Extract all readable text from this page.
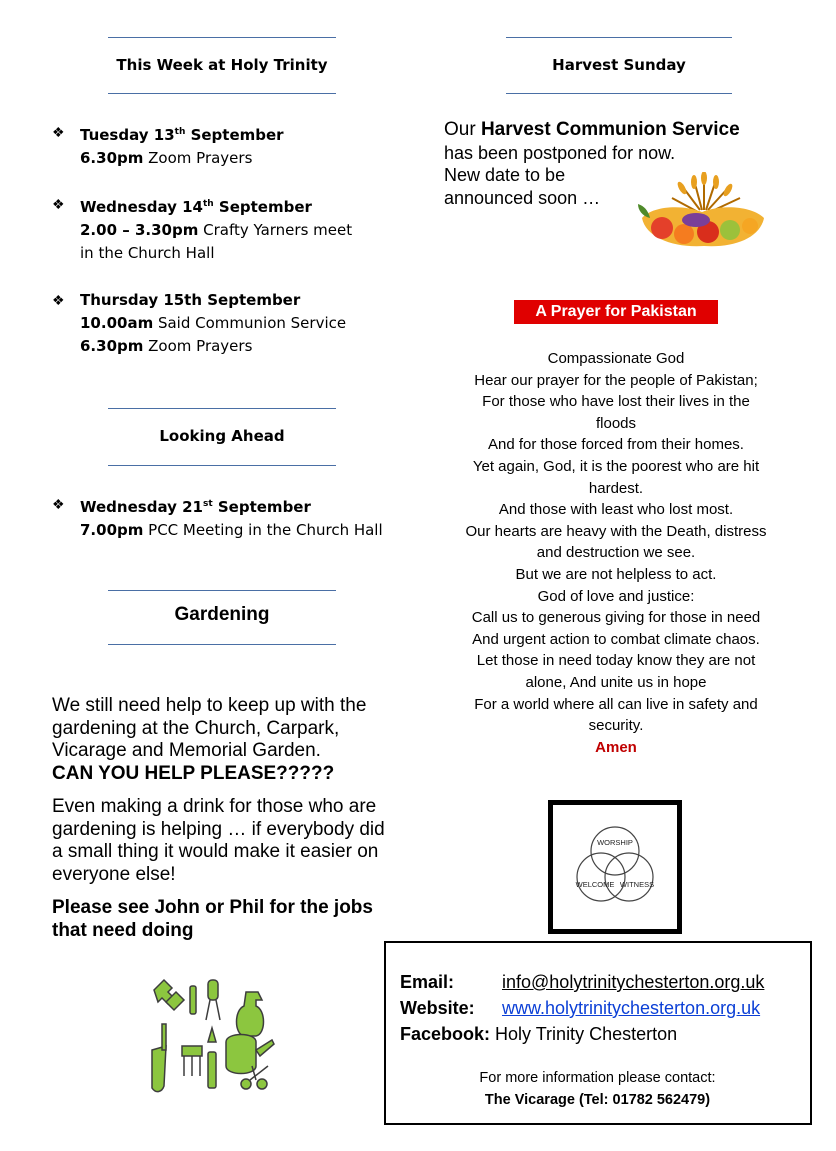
This Week at Holy Trinity
❖ Tuesday 13th September
6.30pm Zoom Prayers
❖ Wednesday 14th September
2.00 – 3.30pm Crafty Yarners meet
in the Church Hall
❖ Thursday 15th September
10.00am Said Communion Service
6.30pm Zoom Prayers
Looking Ahead
❖ Wednesday 21st September
7.00pm PCC Meeting in the Church Hall
Gardening

We still need help to keep up with the gardening at the Church, Carpark, Vicarage and Memorial Garden.

CAN YOU HELP PLEASE?????

Even making a drink for those who are gardening is helping … if everybody did a small thing it would make it easier on everyone else!

Please see John or Phil for the jobs that need doing

Harvest Sunday
Our Harvest Communion Service
has been postponed for now.
New date to be
announced soon …
A Prayer for Pakistan
Compassionate God
Hear our prayer for the people of Pakistan;
For those who have lost their lives in the
floods
And for those forced from their homes.
Yet again, God, it is the poorest who are hit
hardest.
And those with least who lost most.
Our hearts are heavy with the Death, distress
and destruction we see.
But we are not helpless to act.
God of love and justice:
Call us to generous giving for those in need
And urgent action to combat climate chaos.
Let those in need today know they are not
alone, And unite us in hope
For a world where all can live in safety and
security.
Amen
WORSHIP
WELCOME WITNESS
Email:	info@holytrinitychesterton.org.uk
Website: www.holytrinitychesterton.org.uk
Facebook: Holy Trinity Chesterton
For more information please contact:
The Vicarage (Tel: 01782 562479)
